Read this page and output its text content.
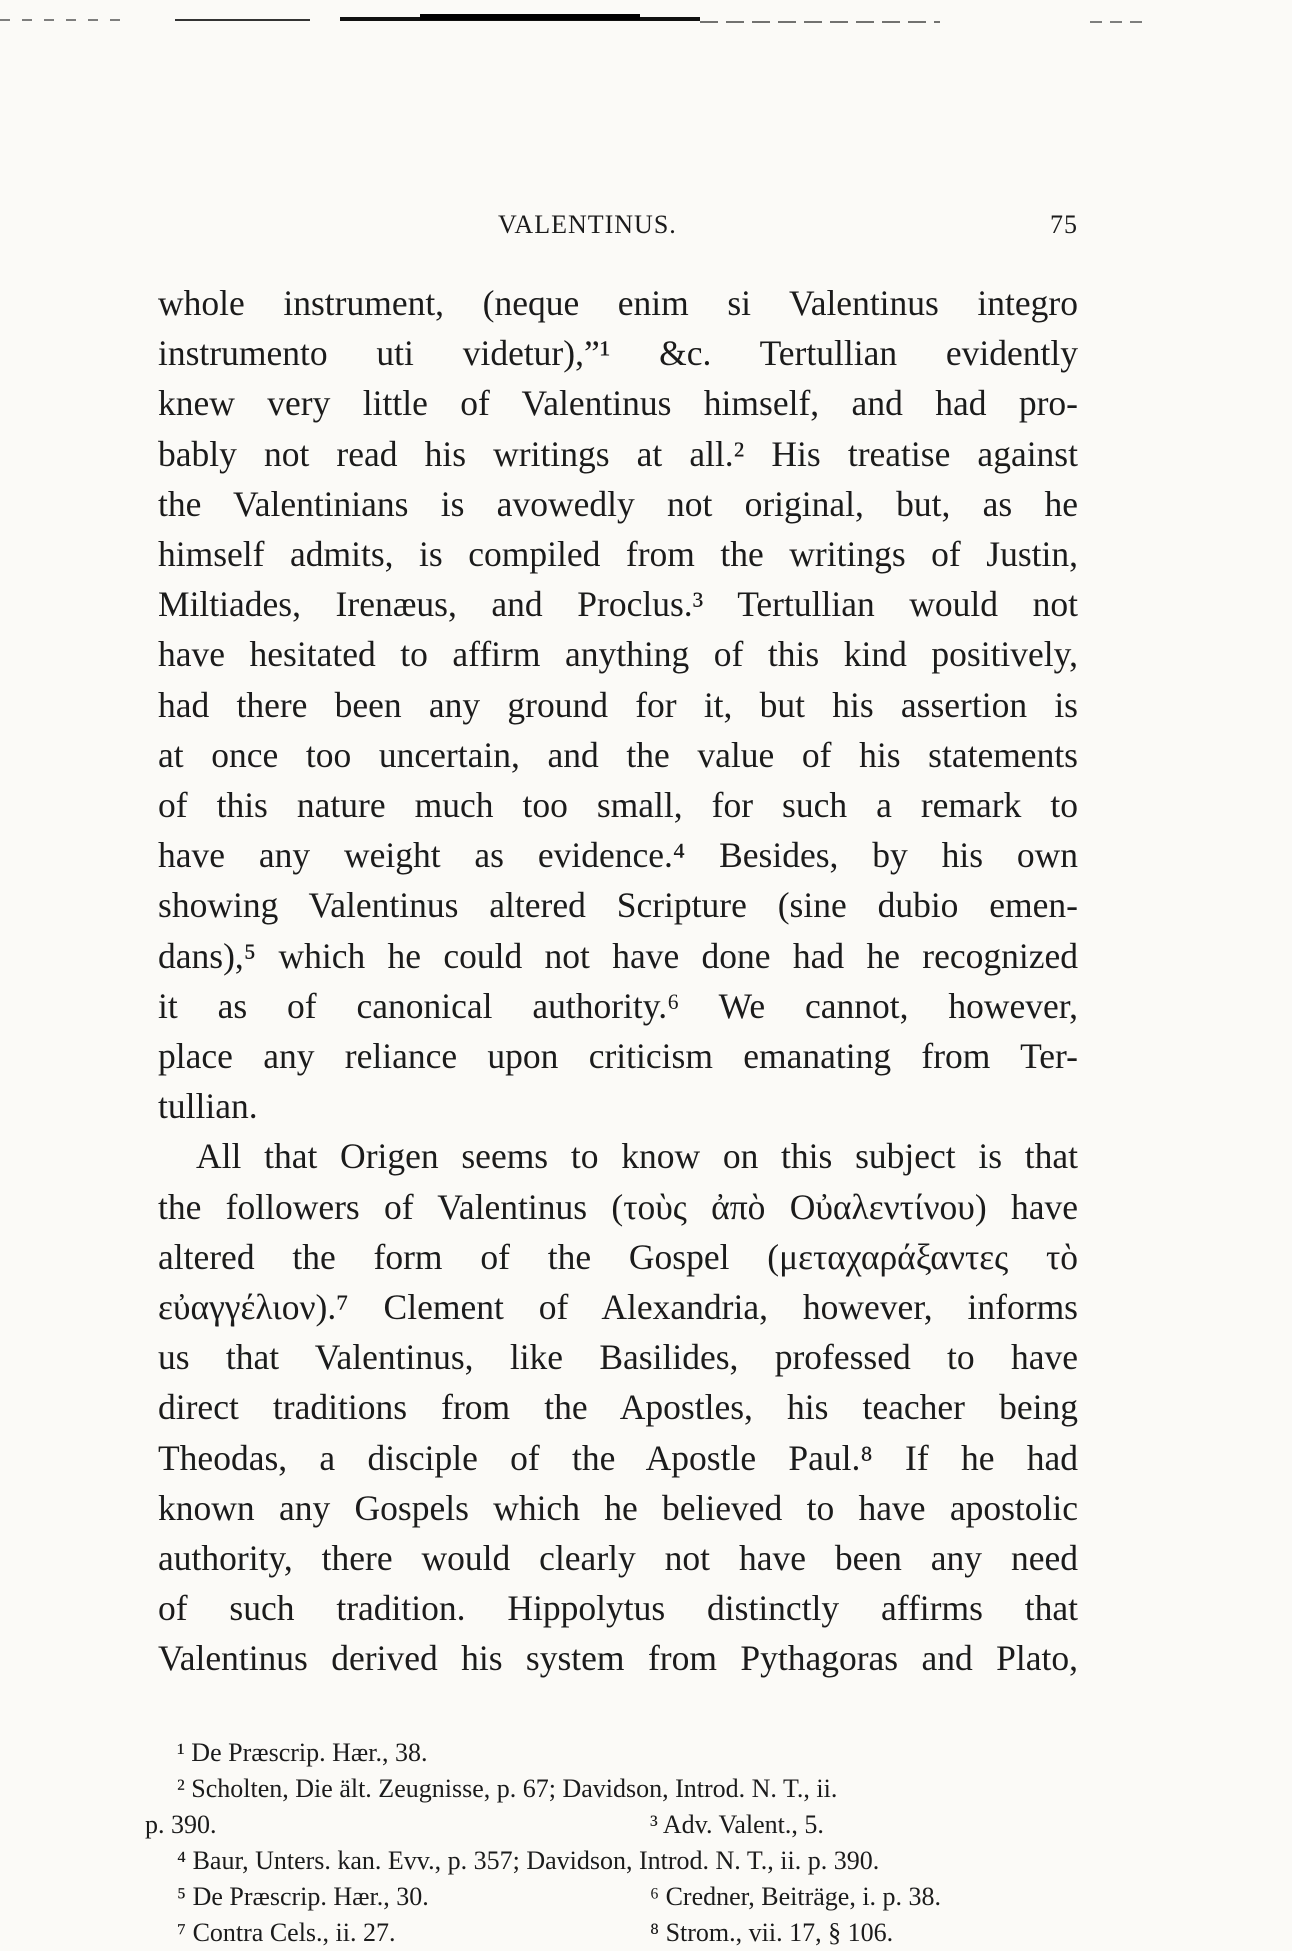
VALENTINUS.	75

whole instrument, (neque enim si Valentinus integro
instrumento uti videtur),”¹ &c. Tertullian evidently
knew very little of Valentinus himself, and had pro-
bably not read his writings at all.² His treatise against
the Valentinians is avowedly not original, but, as he
himself admits, is compiled from the writings of Justin,
Miltiades, Irenæus, and Proclus.³ Tertullian would not
have hesitated to affirm anything of this kind positively,
had there been any ground for it, but his assertion is
at once too uncertain, and the value of his statements
of this nature much too small, for such a remark to
have any weight as evidence.⁴ Besides, by his own
showing Valentinus altered Scripture (sine dubio emen-
dans),⁵ which he could not have done had he recognized
it as of canonical authority.⁶ We cannot, however,
place any reliance upon criticism emanating from Ter-
tullian.

All that Origen seems to know on this subject is that
the followers of Valentinus (τοὺς ἀπὸ Οὐαλεντίνου) have
altered the form of the Gospel (μεταχαράξαντες τὸ
εὐαγγέλιον).⁷ Clement of Alexandria, however, informs
us that Valentinus, like Basilides, professed to have
direct traditions from the Apostles, his teacher being
Theodas, a disciple of the Apostle Paul.⁸ If he had
known any Gospels which he believed to have apostolic
authority, there would clearly not have been any need
of such tradition. Hippolytus distinctly affirms that
Valentinus derived his system from Pythagoras and Plato,

¹ De Præscrip. Hær., 38.
² Scholten, Die ält. Zeugnisse, p. 67; Davidson, Introd. N. T., ii.
p. 390.	³ Adv. Valent., 5.
⁴ Baur, Unters. kan. Evv., p. 357; Davidson, Introd. N. T., ii. p. 390.
⁵ De Præscrip. Hær., 30.	⁶ Credner, Beiträge, i. p. 38.
⁷ Contra Cels., ii. 27.	⁸ Strom., vii. 17, § 106.
